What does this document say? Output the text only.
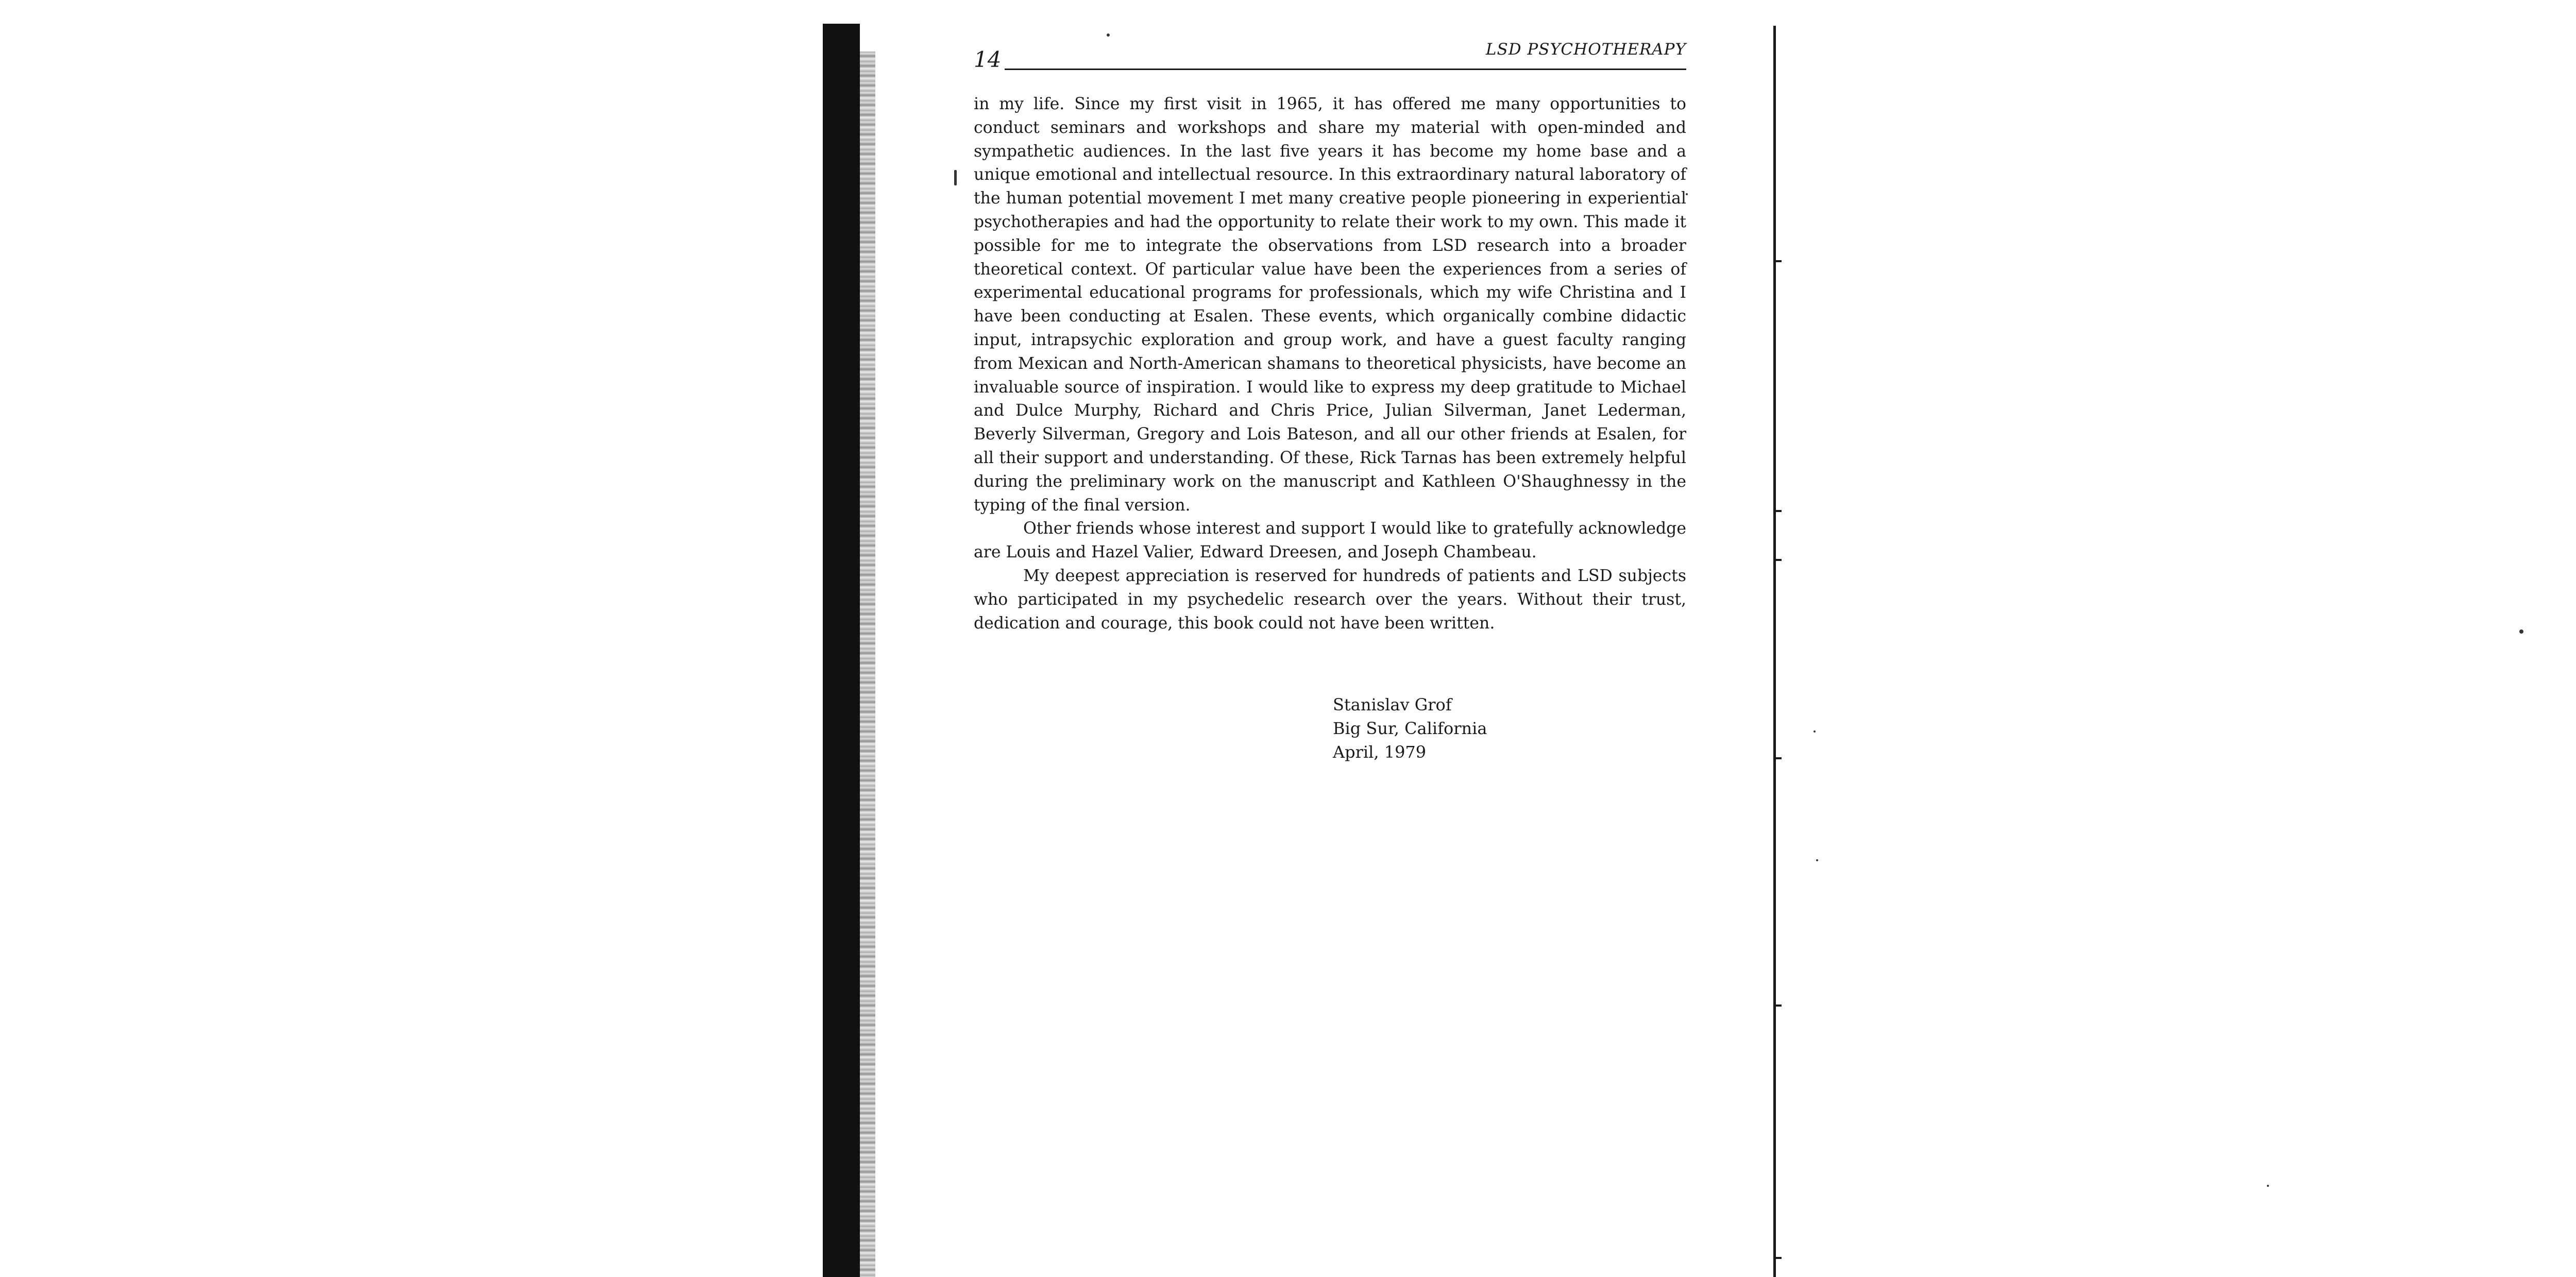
14	LSD PSYCHOTHERAPY

in my life. Since my first visit in 1965, it has offered me many opportunities to conduct seminars and workshops and share my material with open-minded and sympathetic audiences. In the last five years it has become my home base and a unique emotional and intellectual resource. In this extraordinary natural laboratory of the human potential movement I met many creative people pioneering in experiential psychotherapies and had the opportunity to relate their work to my own. This made it possible for me to integrate the observations from LSD research into a broader theoretical context. Of particular value have been the experiences from a series of experimental educational programs for professionals, which my wife Christina and I have been conducting at Esalen. These events, which organically combine didactic input, intrapsychic exploration and group work, and have a guest faculty ranging from Mexican and North-American shamans to theoretical physicists, have become an invaluable source of inspiration. I would like to express my deep gratitude to Michael and Dulce Murphy, Richard and Chris Price, Julian Silverman, Janet Lederman, Beverly Silverman, Gregory and Lois Bateson, and all our other friends at Esalen, for all their support and understanding. Of these, Rick Tarnas has been extremely helpful during the preliminary work on the manuscript and Kathleen O'Shaughnessy in the typing of the final version.

Other friends whose interest and support I would like to gratefully acknowledge are Louis and Hazel Valier, Edward Dreesen, and Joseph Chambeau.

My deepest appreciation is reserved for hundreds of patients and LSD subjects who participated in my psychedelic research over the years. Without their trust, dedication and courage, this book could not have been written.

Stanislav Grof
Big Sur, California
April, 1979
